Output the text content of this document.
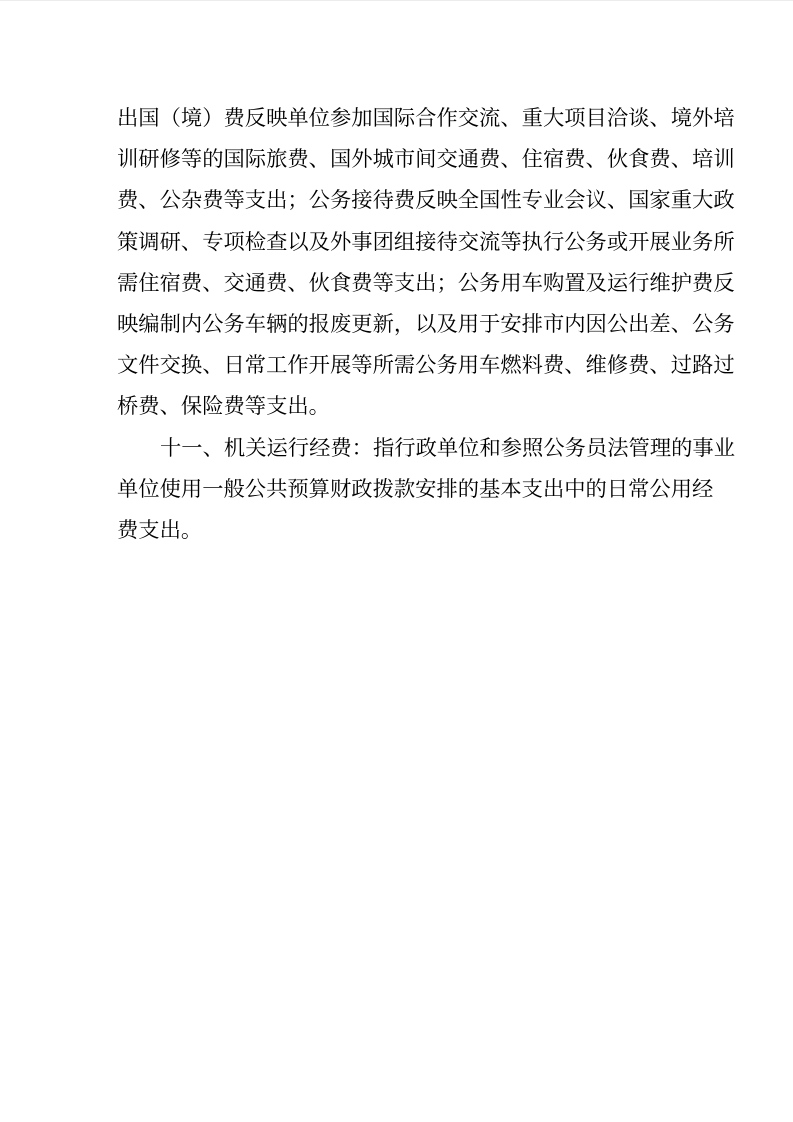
出国（境）费反映单位参加国际合作交流、重大项目洽谈、境外培
训研修等的国际旅费、国外城市间交通费、住宿费、伙食费、培训
费、公杂费等支出；公务接待费反映全国性专业会议、国家重大政
策调研、专项检查以及外事团组接待交流等执行公务或开展业务所
需住宿费、交通费、伙食费等支出；公务用车购置及运行维护费反
映编制内公务车辆的报废更新，以及用于安排市内因公出差、公务
文件交换、日常工作开展等所需公务用车燃料费、维修费、过路过
桥费、保险费等支出。

十一、机关运行经费：指行政单位和参照公务员法管理的事业
单位使用一般公共预算财政拨款安排的基本支出中的日常公用经
费支出。
